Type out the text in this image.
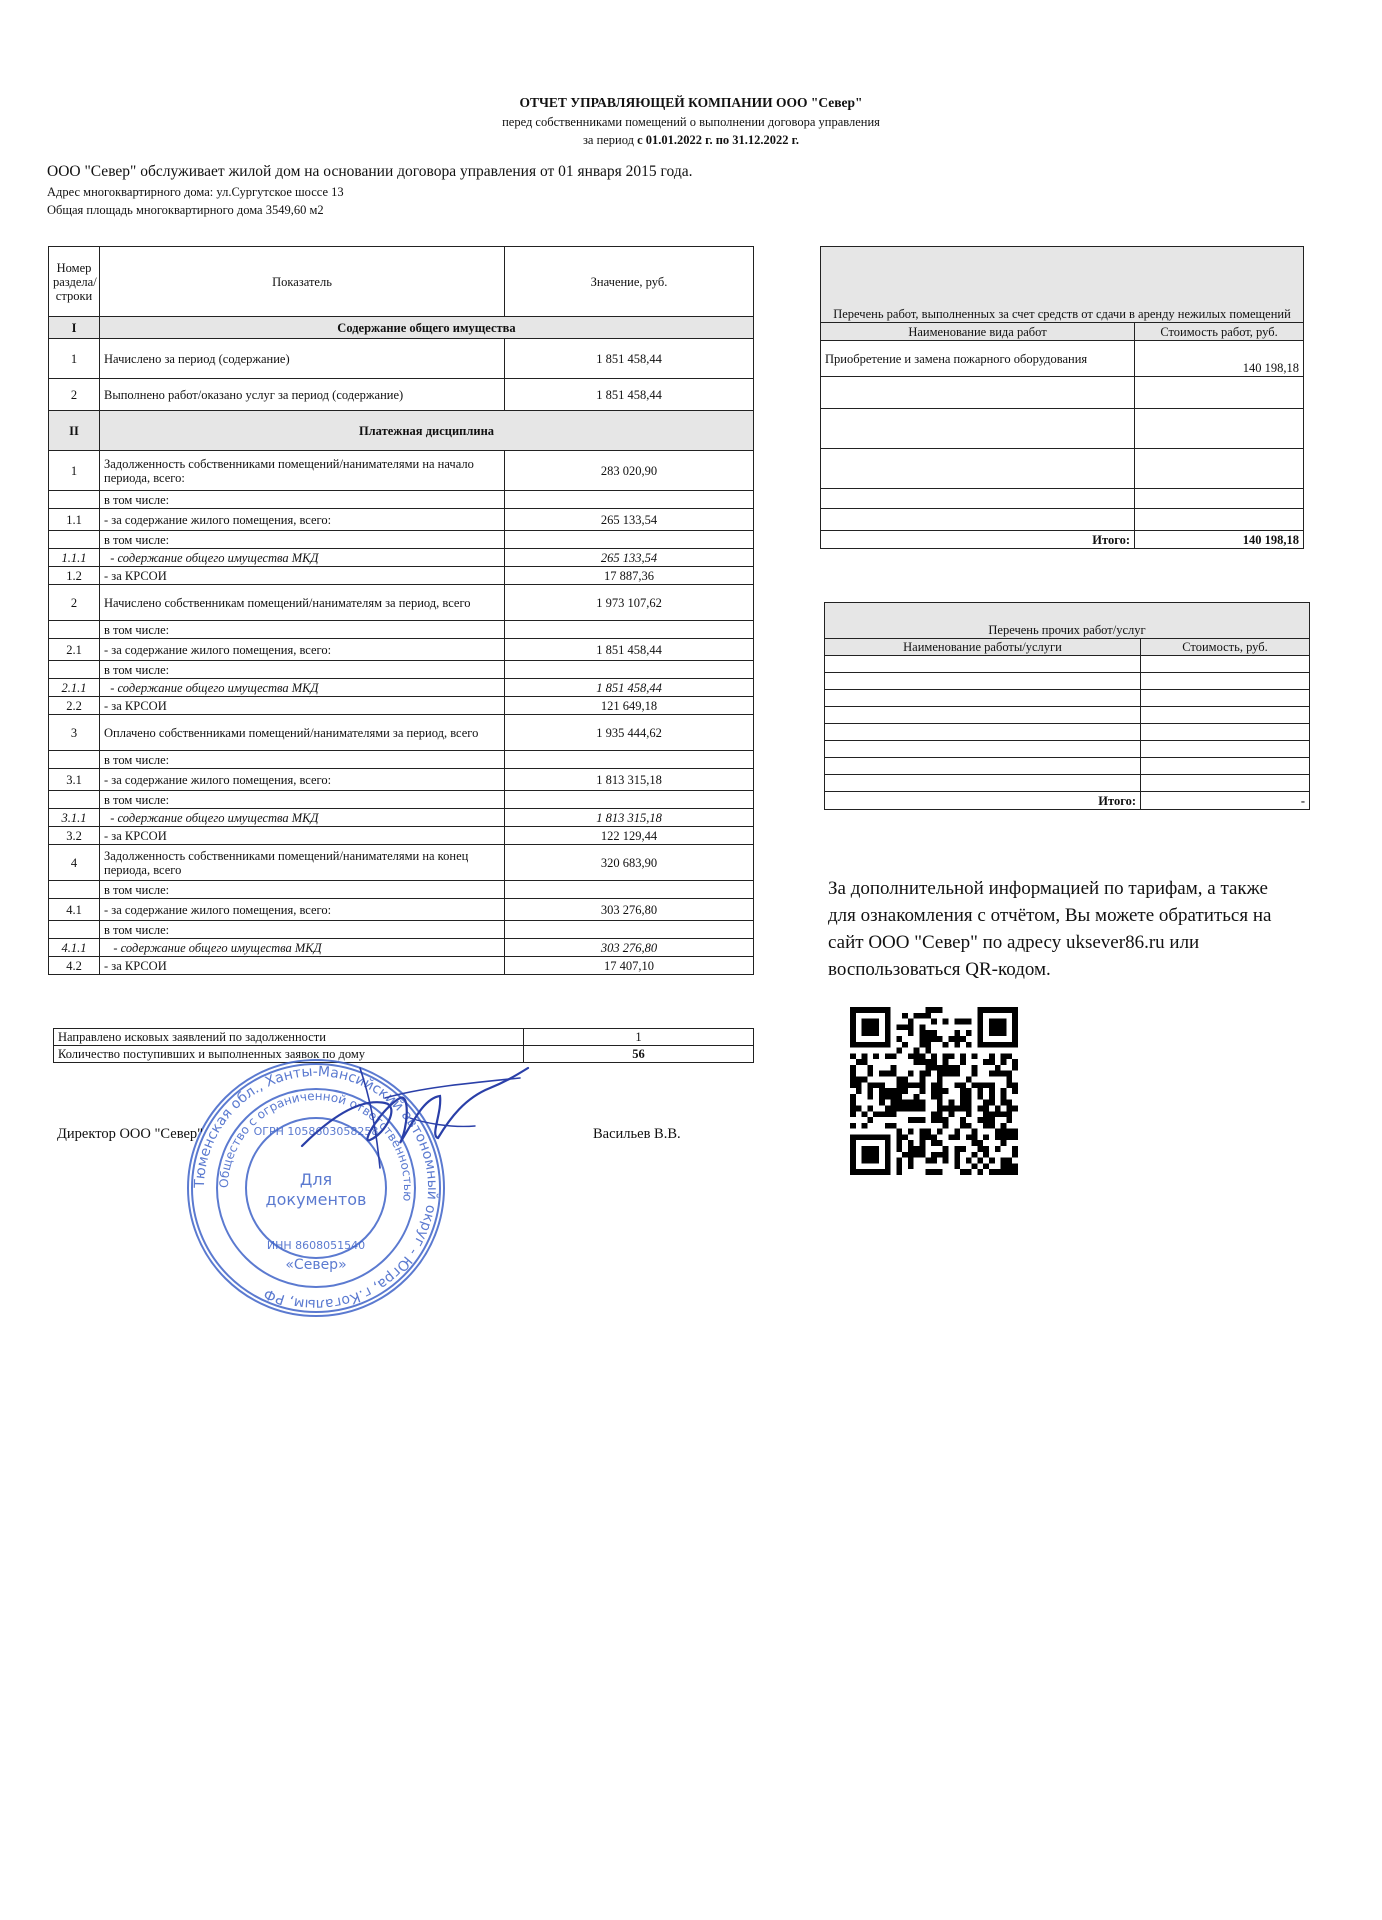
ОТЧЕТ УПРАВЛЯЮЩЕЙ КОМПАНИИ ООО "Север"
перед собственниками помещений о выполнении договора управления
за период с 01.01.2022 г. по 31.12.2022 г.
ООО "Север" обслуживает жилой дом на основании договора управления от 01 января 2015 года.
Адрес многоквартирного дома: ул.Сургутское шоссе 13
Общая площадь многоквартирного дома 3549,60 м2
Номер раздела/строки	Показатель	Значение, руб.
I	Содержание общего имущества	
1	Начислено за период (содержание)	1 851 458,44
2	Выполнено работ/оказано услуг за период (содержание)	1 851 458,44
II	Платежная дисциплина	
1	Задолженность собственниками помещений/нанимателями на начало периода, всего:	283 020,90
	в том числе:	
1.1	- за содержание жилого помещения, всего:	265 133,54
	в том числе:	
1.1.1	- содержание общего имущества МКД	265 133,54
1.2	- за КРСОИ	17 887,36
2	Начислено собственникам помещений/нанимателям за период, всего	1 973 107,62
	в том числе:	
2.1	- за содержание жилого помещения, всего:	1 851 458,44
	в том числе:	
2.1.1	- содержание общего имущества МКД	1 851 458,44
2.2	- за КРСОИ	121 649,18
3	Оплачено собственниками помещений/нанимателями за период, всего	1 935 444,62
	в том числе:	
3.1	- за содержание жилого помещения, всего:	1 813 315,18
	в том числе:	
3.1.1	- содержание общего имущества МКД	1 813 315,18
3.2	- за КРСОИ	122 129,44
4	Задолженность собственниками помещений/нанимателями на конец периода, всего	320 683,90
	в том числе:	
4.1	- за содержание жилого помещения, всего:	303 276,80
	в том числе:	
4.1.1	- содержание общего имущества МКД	303 276,80
4.2	- за КРСОИ	17 407,10
Направлено исковых заявлений по задолженности	1
Количество поступивших и выполненных заявок по дому	56
Перечень работ, выполненных за счет средств от сдачи в аренду нежилых помещений	
Наименование вида работ	Стоимость работ, руб.
Приобретение и замена пожарного оборудования	140 198,18

Итого:	140 198,18
Перечень прочих работ/услуг	
Наименование работы/услуги	Стоимость, руб.

Итого:	-
За дополнительной информацией по тарифам, а также для ознакомления с отчётом, Вы можете обратиться на сайт ООО "Север" по адресу uksever86.ru или воспользоваться QR-кодом.
Тюменская обл., Ханты-Мансийский автономный округ - Югра, г.Когалым, РФ
Общество с ограниченной ответственностью
ОГРН 1058603058258
ИНН 8608051540
Для
документов
«Север»
Директор ООО "Север"	Васильев В.В.
